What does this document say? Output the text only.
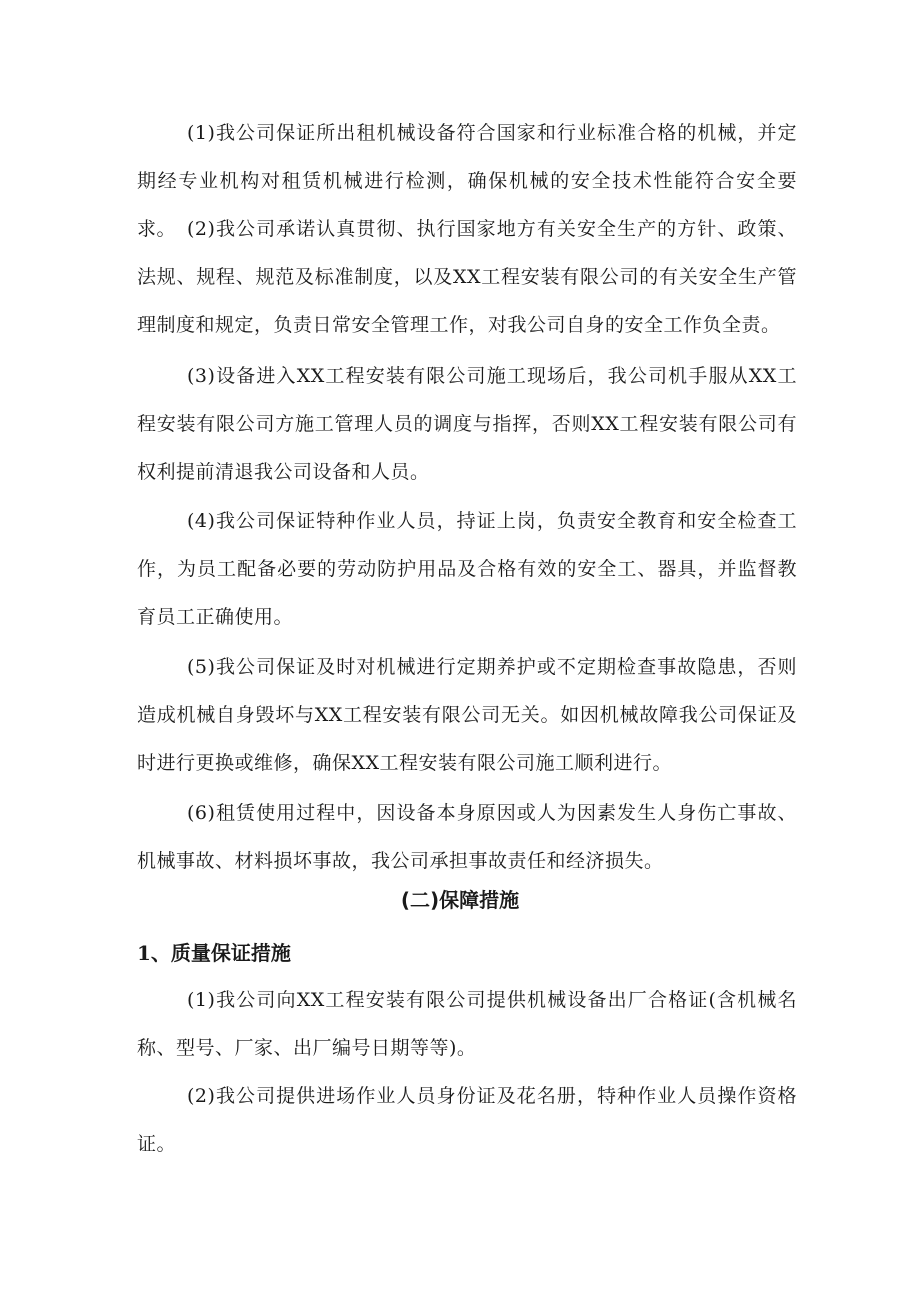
(1)我公司保证所出租机械设备符合国家和行业标准合格的机械，并定期经专业机构对租赁机械进行检测，确保机械的安全技术性能符合安全要求。 (2)我公司承诺认真贯彻、执行国家地方有关安全生产的方针、政策、法规、规程、规范及标准制度，以及XX工程安装有限公司的有关安全生产管理制度和规定，负责日常安全管理工作，对我公司自身的安全工作负全责。

(3)设备进入XX工程安装有限公司施工现场后，我公司机手服从XX工程安装有限公司方施工管理人员的调度与指挥，否则XX工程安装有限公司有权利提前清退我公司设备和人员。

(4)我公司保证特种作业人员，持证上岗，负责安全教育和安全检查工作，为员工配备必要的劳动防护用品及合格有效的安全工、器具，并监督教育员工正确使用。

(5)我公司保证及时对机械进行定期养护或不定期检查事故隐患，否则造成机械自身毁坏与XX工程安装有限公司无关。如因机械故障我公司保证及时进行更换或维修，确保XX工程安装有限公司施工顺利进行。

(6)租赁使用过程中，因设备本身原因或人为因素发生人身伤亡事故、机械事故、材料损坏事故，我公司承担事故责任和经济损失。

(二)保障措施
1、质量保证措施

(1)我公司向XX工程安装有限公司提供机械设备出厂合格证(含机械名称、型号、厂家、出厂编号日期等等)。

(2)我公司提供进场作业人员身份证及花名册，特种作业人员操作资格证。
